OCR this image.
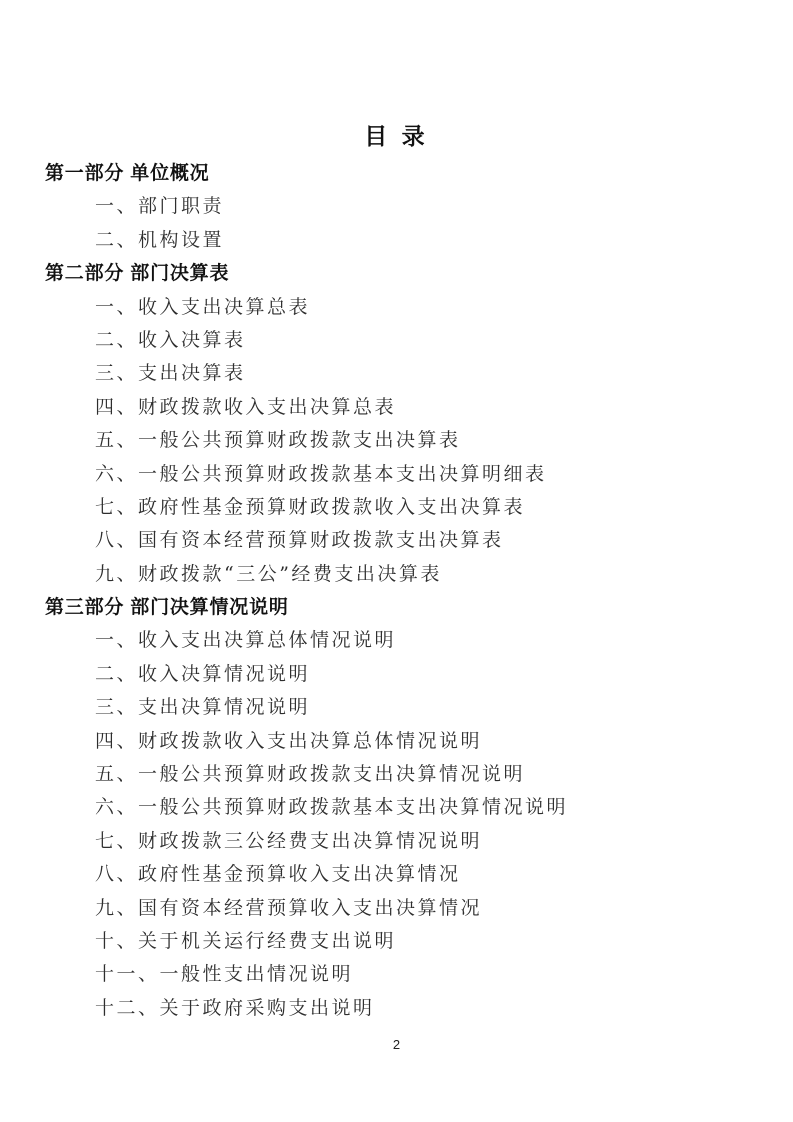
目 录
第一部分 单位概况
一、部门职责
二、机构设置
第二部分 部门决算表
一、收入支出决算总表
二、收入决算表
三、支出决算表
四、财政拨款收入支出决算总表
五、一般公共预算财政拨款支出决算表
六、一般公共预算财政拨款基本支出决算明细表
七、政府性基金预算财政拨款收入支出决算表
八、国有资本经营预算财政拨款支出决算表
九、财政拨款“三公”经费支出决算表
第三部分 部门决算情况说明
一、收入支出决算总体情况说明
二、收入决算情况说明
三、支出决算情况说明
四、财政拨款收入支出决算总体情况说明
五、一般公共预算财政拨款支出决算情况说明
六、一般公共预算财政拨款基本支出决算情况说明
七、财政拨款三公经费支出决算情况说明
八、政府性基金预算收入支出决算情况
九、国有资本经营预算收入支出决算情况
十、关于机关运行经费支出说明
十一、一般性支出情况说明
十二、关于政府采购支出说明
2
